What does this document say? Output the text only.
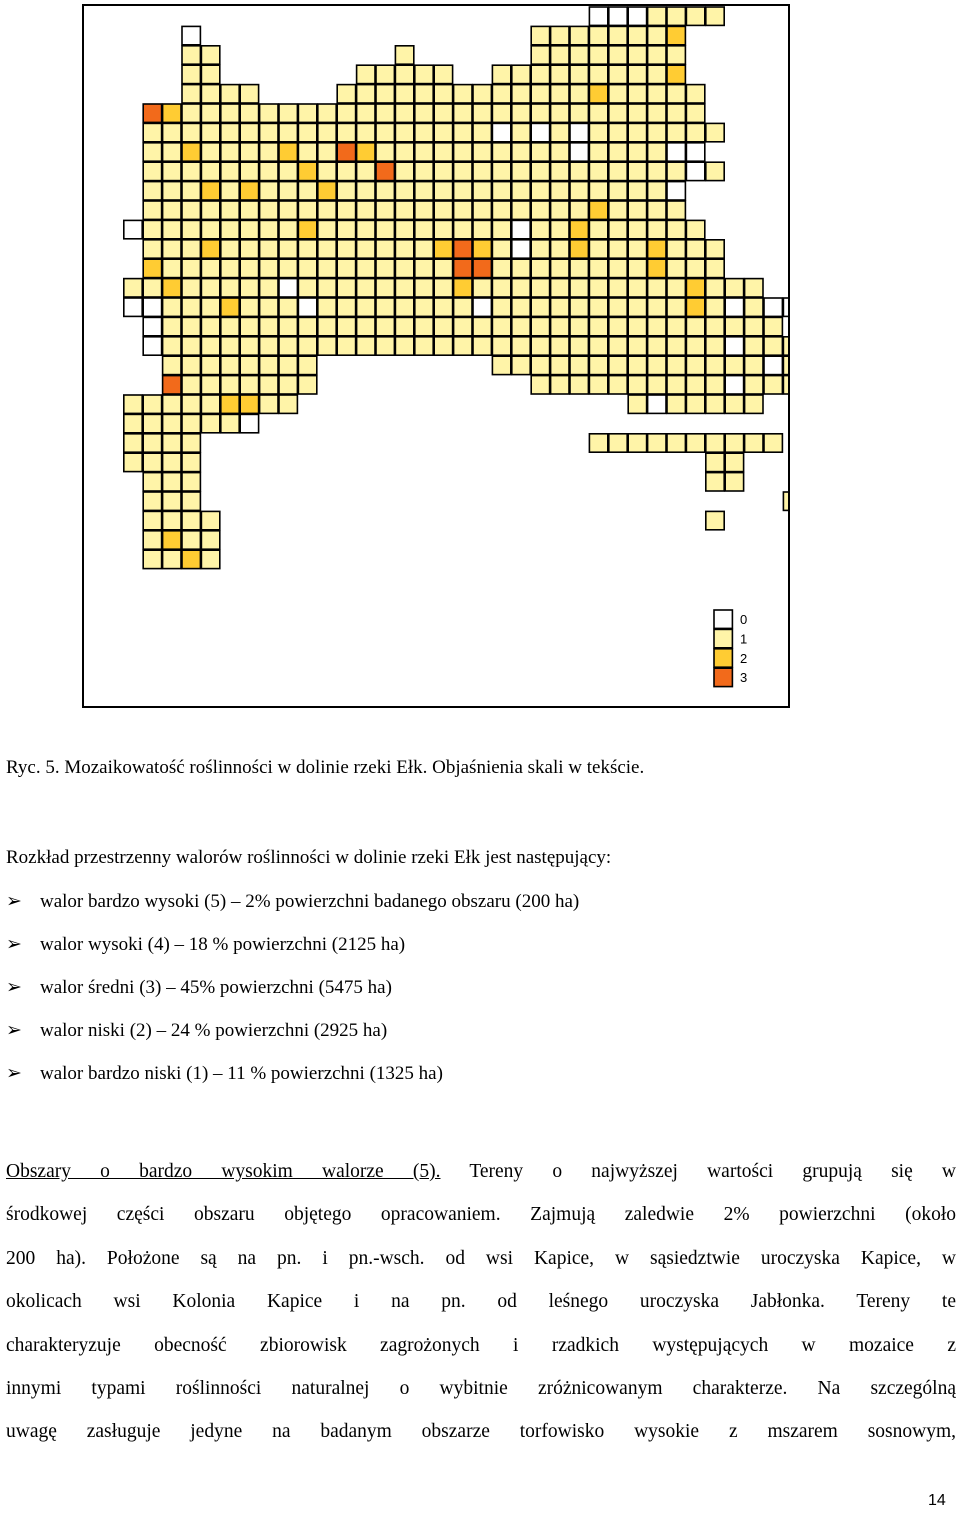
0
1
2
3
Ryc. 5. Mozaikowatość roślinności w dolinie rzeki Ełk. Objaśnienia skali w tekście.
Rozkład przestrzenny walorów roślinności w dolinie rzeki Ełk jest następujący:
➢ walor bardzo wysoki (5) – 2% powierzchni badanego obszaru (200 ha)
➢ walor wysoki (4) – 18 % powierzchni (2125 ha)
➢ walor średni (3) – 45% powierzchni (5475 ha)
➢ walor niski (2) – 24 % powierzchni (2925 ha)
➢ walor bardzo niski (1) – 11 % powierzchni (1325 ha)
Obszary o bardzo wysokim walorze (5). Tereny o najwyższej wartości grupują się w
środkowej części obszaru objętego opracowaniem. Zajmują zaledwie 2% powierzchni (około
200 ha). Położone są na pn. i pn.-wsch. od wsi Kapice, w sąsiedztwie uroczyska Kapice, w
okolicach wsi Kolonia Kapice i na pn. od leśnego uroczyska Jabłonka. Tereny te
charakteryzuje obecność zbiorowisk zagrożonych i rzadkich występujących w mozaice z
innymi typami roślinności naturalnej o wybitnie zróżnicowanym charakterze. Na szczególną
uwagę zasługuje jedyne na badanym obszarze torfowisko wysokie z mszarem sosnowym,
14
